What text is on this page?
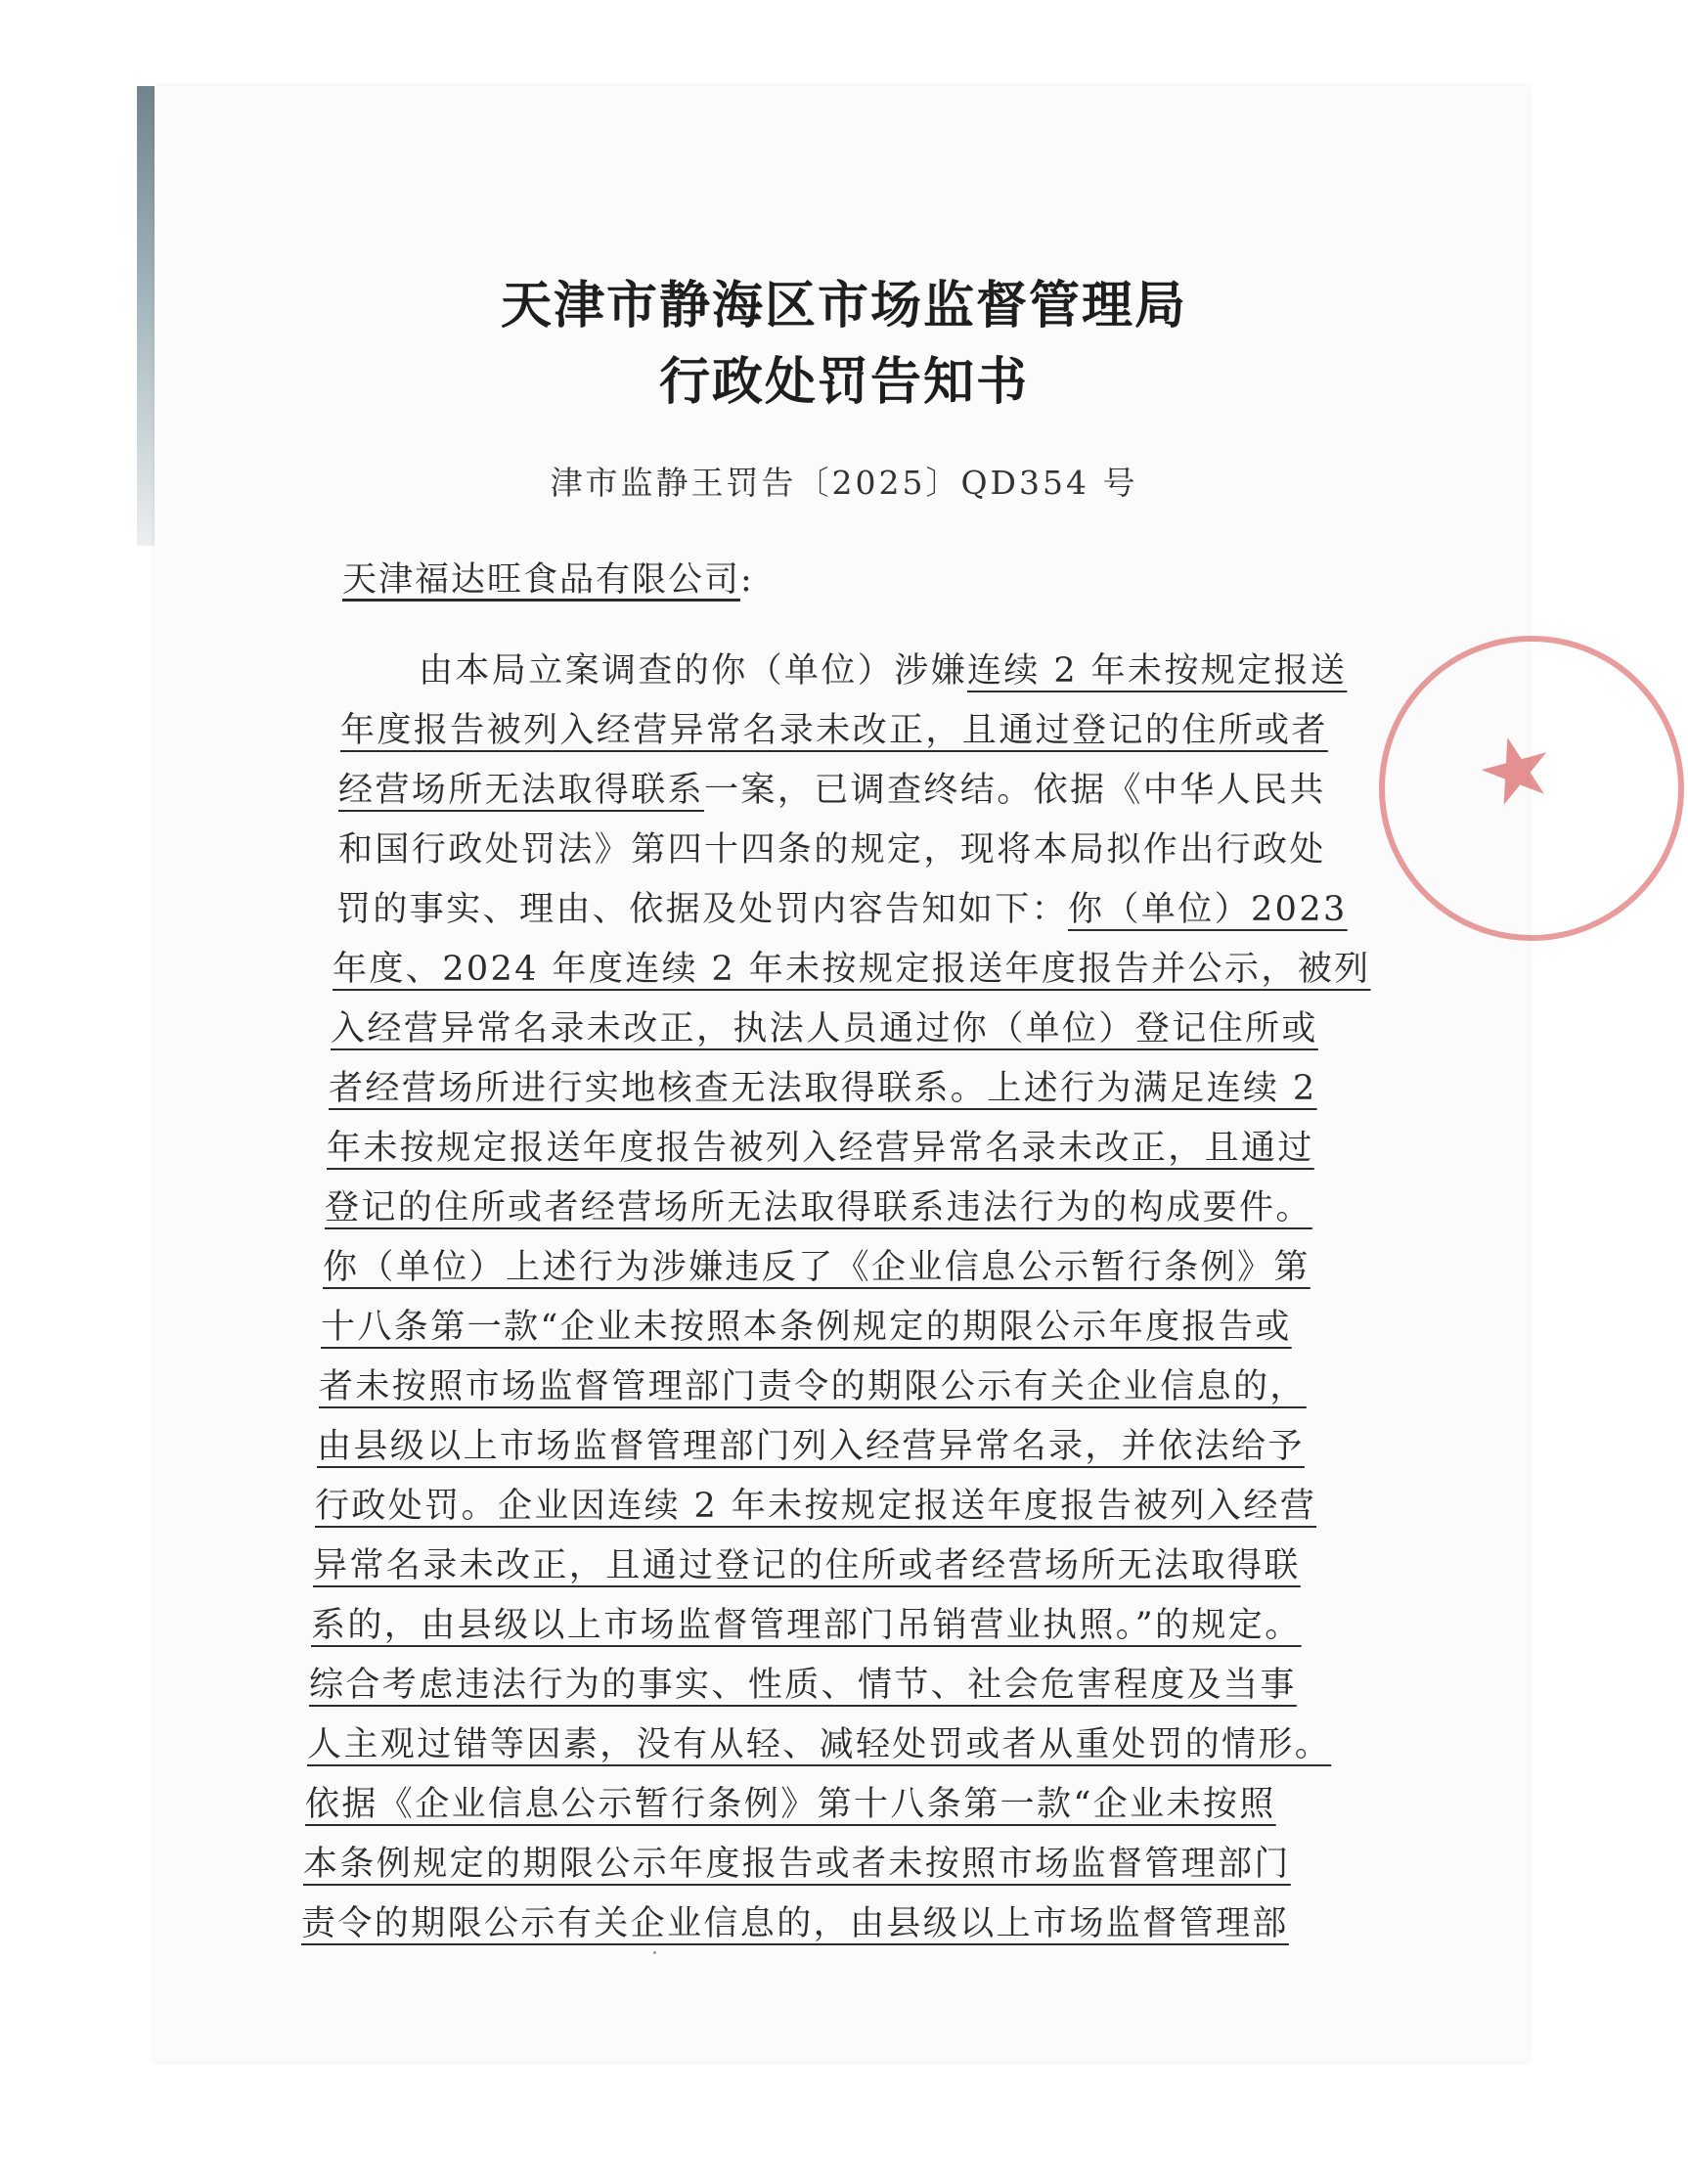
★
天津市静海区市场监督管理局
行政处罚告知书
津市监静王罚告〔2025〕QD354 号
天津福达旺食品有限公司:
由本局立案调查的你（单位）涉嫌连续 2 年未按规定报送
年度报告被列入经营异常名录未改正，且通过登记的住所或者
经营场所无法取得联系一案，已调查终结。依据《中华人民共
和国行政处罚法》第四十四条的规定，现将本局拟作出行政处
罚的事实、理由、依据及处罚内容告知如下：你（单位）2023
年度、2024 年度连续 2 年未按规定报送年度报告并公示，被列
入经营异常名录未改正，执法人员通过你（单位）登记住所或
者经营场所进行实地核查无法取得联系。上述行为满足连续 2
年未按规定报送年度报告被列入经营异常名录未改正，且通过
登记的住所或者经营场所无法取得联系违法行为的构成要件。
你（单位）上述行为涉嫌违反了《企业信息公示暂行条例》第
十八条第一款“企业未按照本条例规定的期限公示年度报告或
者未按照市场监督管理部门责令的期限公示有关企业信息的，
由县级以上市场监督管理部门列入经营异常名录，并依法给予
行政处罚。企业因连续 2 年未按规定报送年度报告被列入经营
异常名录未改正，且通过登记的住所或者经营场所无法取得联
系的，由县级以上市场监督管理部门吊销营业执照。”的规定。
综合考虑违法行为的事实、性质、情节、社会危害程度及当事
人主观过错等因素，没有从轻、减轻处罚或者从重处罚的情形。
依据《企业信息公示暂行条例》第十八条第一款“企业未按照
本条例规定的期限公示年度报告或者未按照市场监督管理部门
责令的期限公示有关企业信息的，由县级以上市场监督管理部
